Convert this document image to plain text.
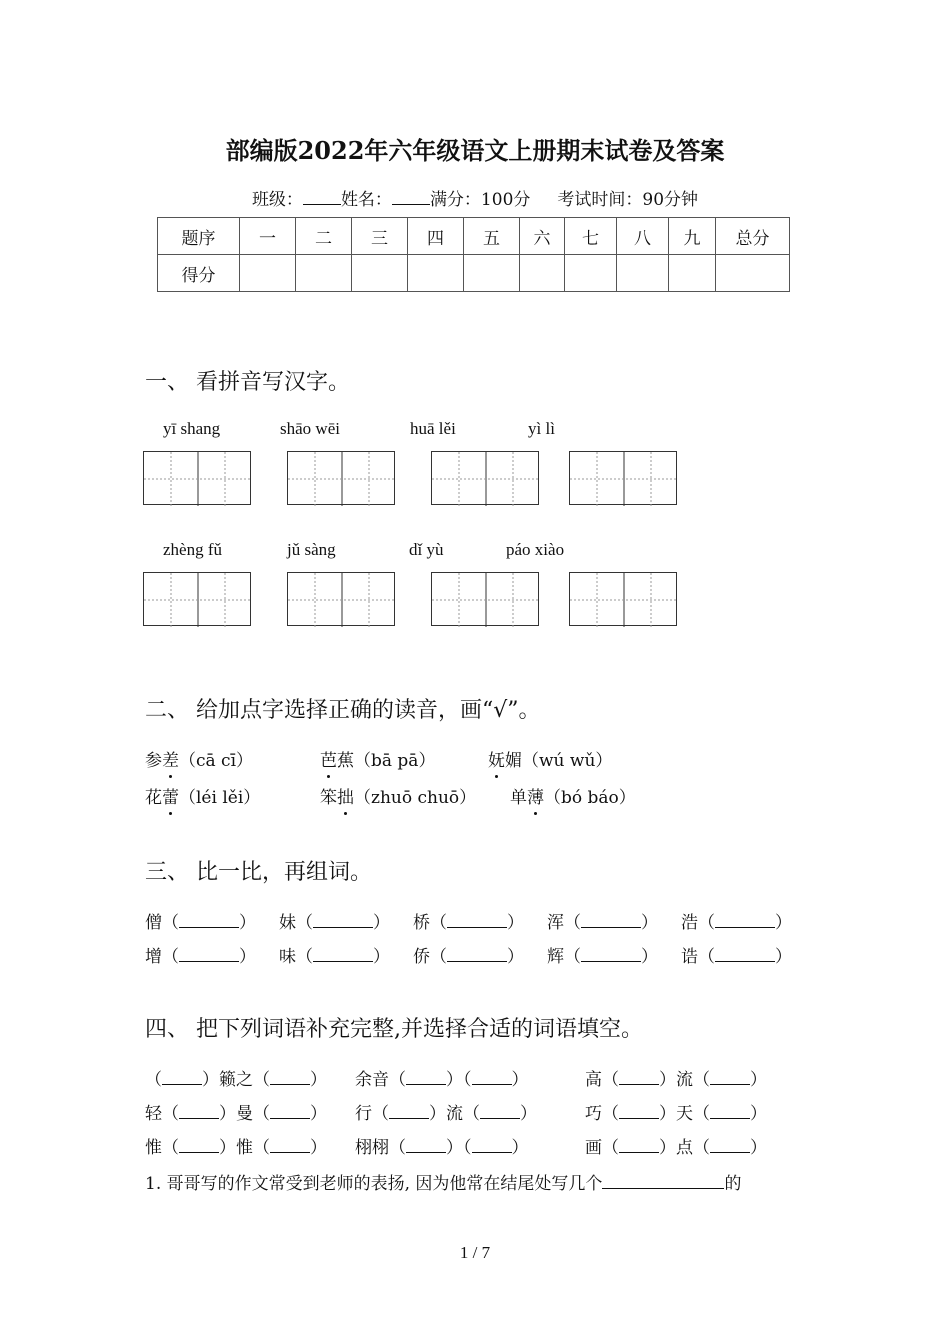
部编版2022年六年级语文上册期末试卷及答案
班级： 姓名： 满分：100分 考试时间：90分钟
题序	一	二	三	四	五	六	七	八	九	总分
得分										
一、 看拼音写汉字。
yī shang	shāo wēi	huā lěi	yì lì
zhèng fǔ	jǔ sàng	dǐ yù	páo xiào
二、 给加点字选择正确的读音，画“√”。
参差（cā cī）	芭蕉（bā pā）	妩媚（wú wǔ）
花蕾（léi lěi）	笨拙（zhuō chuō） 单薄（bó báo）
三、 比一比，再组词。
僧（	） 妹（	） 桥（	） 浑（	） 浩（	）
增（	） 味（	） 侨（	） 辉（	） 诰（	）
四、 把下列词语补充完整,并选择合适的词语填空。
（ ）籁之（ ） 余音（ ）（ ）	高（ ）流（ ）
轻（ ）曼（ ） 行（ ）流（ ）	巧（ ）天（ ）
惟（ ）惟（ ） 栩栩（ ）（ ）	画（ ）点（ ）
1. 哥哥写的作文常受到老师的表扬, 因为他常在结尾处写几个	的
1 / 7
